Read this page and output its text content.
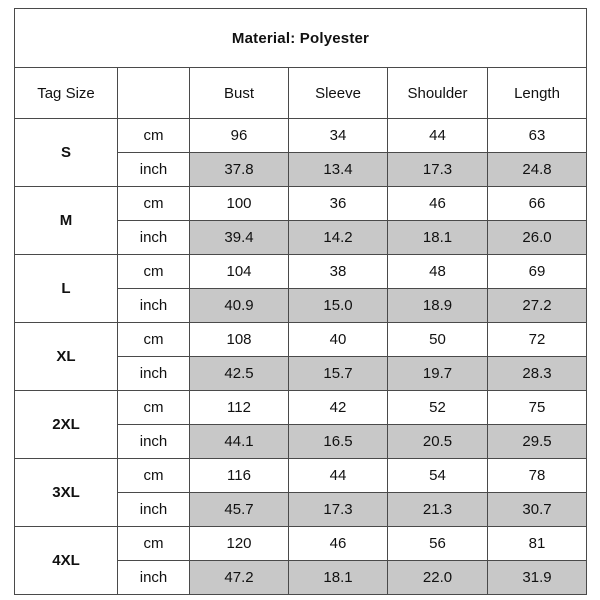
Material: Polyester					
Tag Size		Bust	Sleeve	Shoulder	Length
S	cm	96	34	44	63
	inch	37.8	13.4	17.3	24.8
M	cm	100	36	46	66
	inch	39.4	14.2	18.1	26.0
L	cm	104	38	48	69
	inch	40.9	15.0	18.9	27.2
XL	cm	108	40	50	72
	inch	42.5	15.7	19.7	28.3
2XL	cm	112	42	52	75
	inch	44.1	16.5	20.5	29.5
3XL	cm	116	44	54	78
	inch	45.7	17.3	21.3	30.7
4XL	cm	120	46	56	81
	inch	47.2	18.1	22.0	31.9
